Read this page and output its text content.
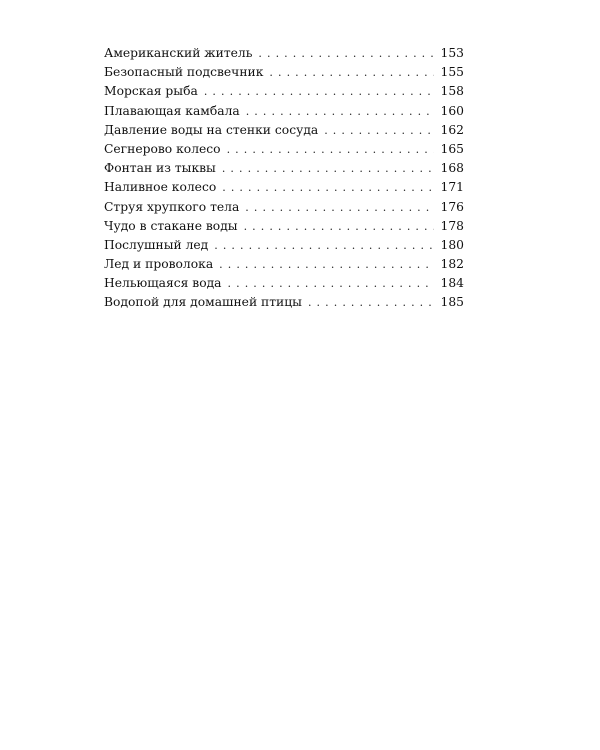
Американский житель . . .	153
Безопасный подсвечник . . .	155
Морская рыба . . .	158
Плавающая камбала . . .	160
Давление воды на стенки сосуда . . .	162
Сегнерово колесо . . .	165
Фонтан из тыквы . . .	168
Наливное колесо . . .	171
Струя хрупкого тела . . .	176
Чудо в стакане воды . . .	178
Послушный лед . . .	180
Лед и проволока . . .	182
Нельющаяся вода . . .	184
Водопой для домашней птицы . . .	185
